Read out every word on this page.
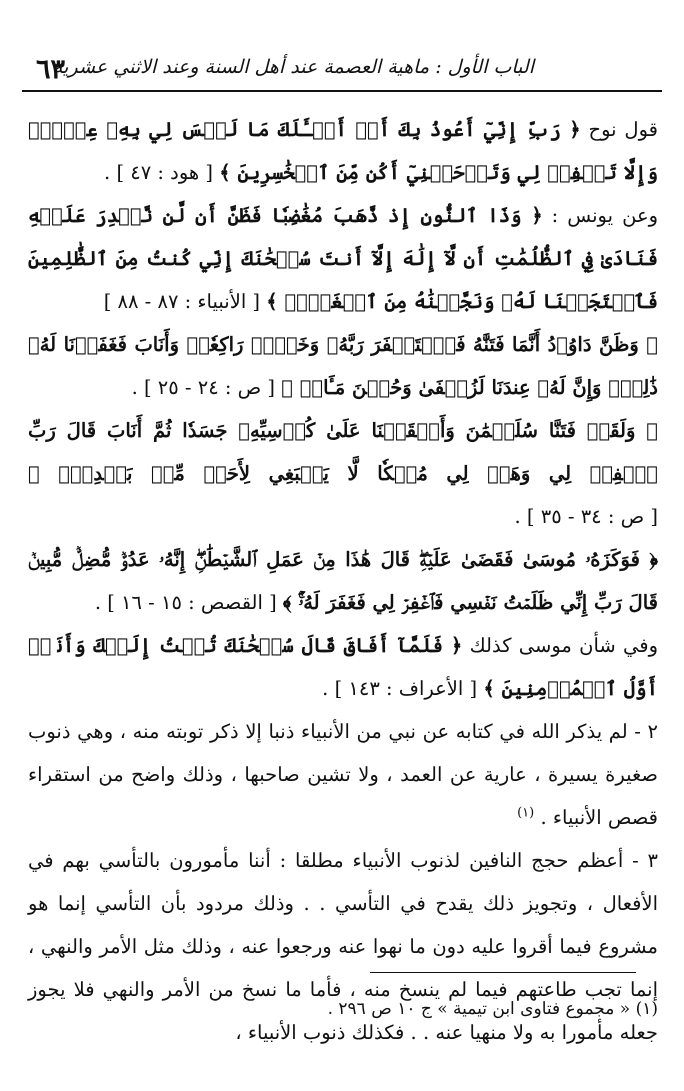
الباب الأول : ماهية العصمة عند أهل السنة وعند الاثني عشرية
٦٣

قول نوح ﴿ رَبِّ إِنِّيٓ أَعُوذُ بِكَ أَنۡ أَسۡـَٔلَكَ مَا لَيۡسَ لِي بِهِۦ عِلۡمٞۖ وَإِلَّا تَغۡفِرۡ لِي وَتَرۡحَمۡنِيٓ أَكُن مِّنَ ٱلۡخَٰسِرِينَ ﴾ [ هود : ٤٧ ] .

وعن يونس : ﴿ وَذَا ٱلنُّونِ إِذ ذَّهَبَ مُغَٰضِبٗا فَظَنَّ أَن لَّن نَّقۡدِرَ عَلَيۡهِ فَنَادَىٰ فِي ٱلظُّلُمَٰتِ أَن لَّآ إِلَٰهَ إِلَّآ أَنتَ سُبۡحَٰنَكَ إِنِّي كُنتُ مِنَ ٱلظَّٰلِمِينَ فَٱسۡتَجَبۡنَا لَهُۥ وَنَجَّيۡنَٰهُ مِنَ ٱلۡغَمِّۚ ﴾ [ الأنبياء : ٨٧ - ٨٨ ]

﴿ وَظَنَّ دَاوُۥدُ أَنَّمَا فَتَنَّٰهُ فَٱسۡتَغۡفَرَ رَبَّهُۥ وَخَرَّۤ رَاكِعٗاۤ وَأَنَابَ فَغَفَرۡنَا لَهُۥ ذَٰلِكَۖ وَإِنَّ لَهُۥ عِندَنَا لَزُلۡفَىٰ وَحُسۡنَ مَـَٔابٖ ﴾ [ ص : ٢٤ - ٢٥ ] .

﴿ وَلَقَدۡ فَتَنَّا سُلَيۡمَٰنَ وَأَلۡقَيۡنَا عَلَىٰ كُرۡسِيِّهِۦ جَسَدٗا ثُمَّ أَنَابَ قَالَ رَبِّ ٱغۡفِرۡ لِي وَهَبۡ لِي مُلۡكٗا لَّا يَنۢبَغِي لِأَحَدٖ مِّنۢ بَعۡدِيٓۖ ﴾ [ ص : ٣٤ - ٣٥ ] .

﴿ فَوَكَزَهُۥ مُوسَىٰ فَقَضَىٰ عَلَيۡهِۖ قَالَ هَٰذَا مِنۡ عَمَلِ ٱلشَّيۡطَٰنِۖ إِنَّهُۥ عَدُوّٞ مُّضِلّٞ مُّبِينٞ قَالَ رَبِّ إِنِّي ظَلَمۡتُ نَفۡسِي فَٱغۡفِرۡ لِي فَغَفَرَ لَهُۥٓۚ ﴾ [ القصص : ١٥ - ١٦ ] .

وفي شأن موسى كذلك ﴿ فَلَمَّآ أَفَاقَ قَالَ سُبۡحَٰنَكَ تُبۡتُ إِلَيۡكَ وَأَنَا۠ أَوَّلُ ٱلۡمُؤۡمِنِينَ ﴾ [ الأعراف : ١٤٣ ] .

٢ - لم يذكر الله في كتابه عن نبي من الأنبياء ذنبا إلا ذكر توبته منه ، وهي ذنوب صغيرة يسيرة ، عارية عن العمد ، ولا تشين صاحبها ، وذلك واضح من استقراء قصص الأنبياء . $^{(١)}$

٣ - أعظم حجج النافين لذنوب الأنبياء مطلقا : أننا مأمورون بالتأسي بهم في الأفعال ، وتجويز ذلك يقدح في التأسي . . وذلك مردود بأن التأسي إنما هو مشروع فيما أقروا عليه دون ما نهوا عنه ورجعوا عنه ، وذلك مثل الأمر والنهي ، إنما تجب طاعتهم فيما لم ينسخ منه ، فأما ما نسخ من الأمر والنهي فلا يجوز جعله مأمورا به ولا منهيا عنه . . فكذلك ذنوب الأنبياء ،

(١) « مجموع فتاوى ابن تيمية » ج ١٠ ص ٢٩٦ .
